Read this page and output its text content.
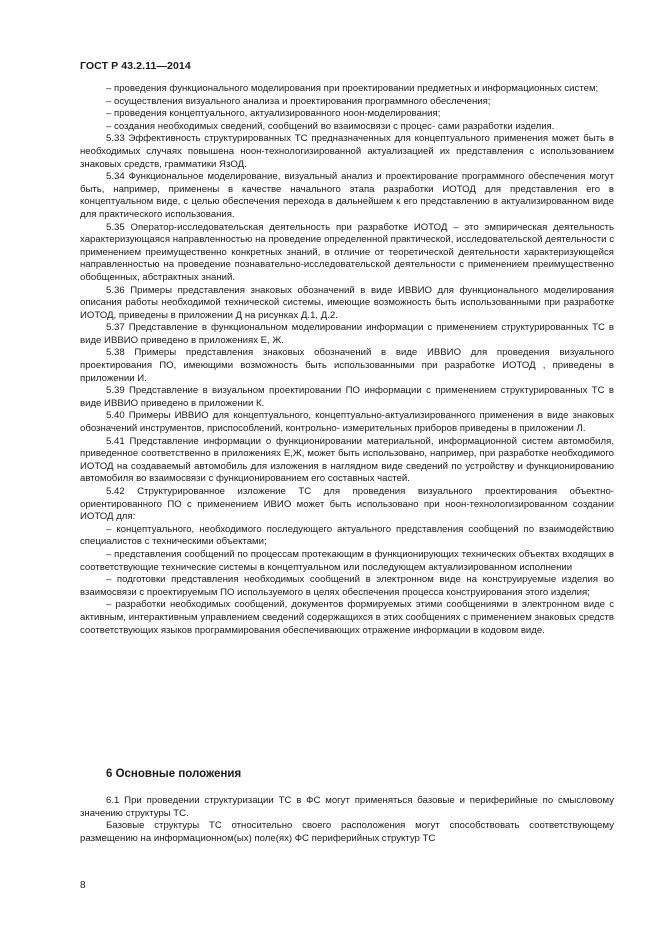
ГОСТ Р 43.2.11—2014

– проведения функционального моделирования при проектировании предметных и информационных систем;

– осуществления визуального анализа и проектирования программного обеслечения;

– проведения концептуального, актуализированного ноон-моделирования;

– создания необходимых сведений, сообщений во взаимосвязи с процес- сами разработки изделия.

5.33 Эффективность структурированных ТС предназначенных для концептуального применения может быть в необходимых случаях повышена ноон-технологизированной актуализацией их представления с использованием знаковых средств, грамматики ЯзОД.

5.34 Функциональное моделирование, визуальный анализ и проектирование программного обеспечения могут быть, например, применены в качестве начального этапа разработки ИОТОД для представления его в концептуальном виде, с целью обеспечения перехода в дальнейшем к его представлению в актуализированном виде для практического использования.

5.35 Оператор-исследовательская деятельность при разработке ИОТОД – это эмпирическая деятельность характеризующаяся направленностью на проведение определенной практической, исследовательской деятельности с применением преимущественно конкретных знаний, в отличие от теоретической деятельности характеризующейся направленностью на проведение познавательно-исследовательской деятельности с применением преимущественно обобщенных, абстрактных знаний.

5.36 Примеры представления знаковых обозначений в виде ИВВИО для функционального моделирования описания работы необходимой технической системы, имеющие возможность быть использованными при разработке ИОТОД, приведены в приложении Д на рисунках Д.1, Д.2.

5.37 Представление в функциональном моделировании информации с применением структурированных ТС в виде ИВВИО приведено в приложениях Е, Ж.

5.38 Примеры представления знаковых обозначений в виде ИВВИО для проведения визуального проектирования ПО, имеющими возможность быть использованными при разработке ИОТОД , приведены в приложении И.

5.39 Представление в визуальном проектировании ПО информации с применением структурированных ТС в виде ИВВИО приведено в приложении К.

5.40 Примеры ИВВИО для концептуального, концептуально-актуализированного применения в виде знаковых обозначений инструментов, приспособлений, контрольно- измерительных приборов приведены в приложении Л.

5.41 Представление информации о функционировании материальной, информационной систем автомобиля, приведенное соответственно в приложениях Е,Ж, может быть использовано, например, при разработке необходимого ИОТОД на создаваемый автомобиль для изложения в наглядном виде сведений по устройству и функционированию автомобиля во взаимосвязи с функционированием его составных частей.

5.42 Структурированное изложение ТС для проведения визуального проектирования объектно-ориентированного ПО с применением ИВИО может быть использовано при ноон-технологизированном создании ИОТОД для:

– концептуального, необходимого последующего актуального представления сообщений по взаимодействию специалистов с техническими объектами;

– представления сообщений по процессам протекающим в функционирующих технических объектах входящих в соответствующие технические системы в концептуальном или последующем актуализированном исполнении

– подготовки представления необходимых сообщений в электронном виде на конструируемые изделия во взаимосвязи с проектируемым ПО используемого в целях обеспечения процесса конструирования этого изделия;

– разработки необходимых сообщений, документов формируемых этими сообщениями в электронном виде с активным, интерактивным управлением сведений содержащихся в этих сообщениях с применением знаковых средств соответствующих языков программирования обеспечивающих отражение информации в кодовом виде.

6 Основные положения

6.1 При проведении структуризации ТС в ФС могут применяться базовые и периферийные по смысловому значению структуры ТС.

Базовые структуры ТС относительно своего расположения могут способствовать соответствующему размещению на информационном(ых) поле(ях) ФС периферийных структур ТС

8
